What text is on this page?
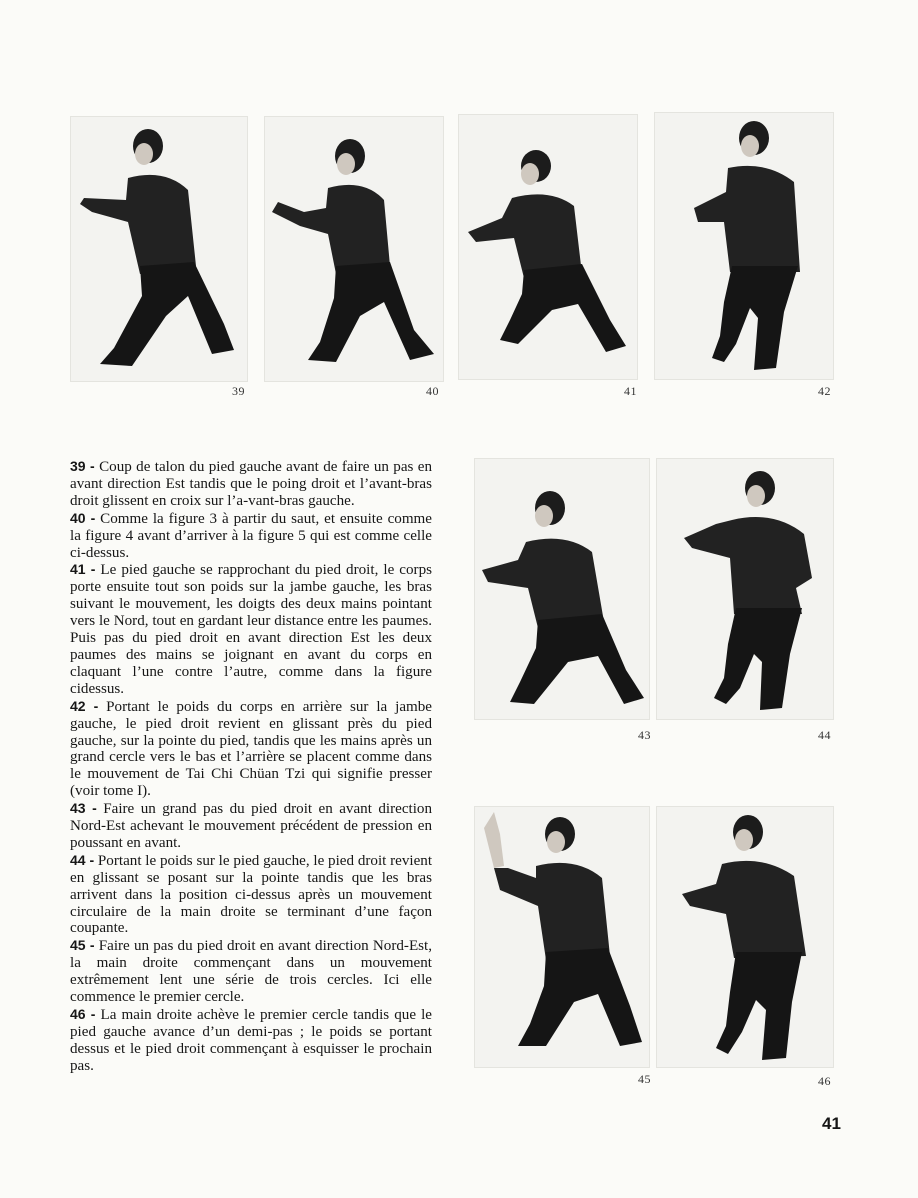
39	40	41	42
43	44
45	46

39 - Coup de talon du pied gauche avant de faire un pas en avant direction Est tandis que le poing droit et l’avant-bras droit glissent en croix sur l’a-vant-bras gauche.

40 - Comme la figure 3 à partir du saut, et ensuite comme la figure 4 avant d’arriver à la figure 5 qui est comme celle ci-dessus.

41 - Le pied gauche se rapprochant du pied droit, le corps porte ensuite tout son poids sur la jambe gauche, les bras suivant le mouvement, les doigts des deux mains pointant vers le Nord, tout en gardant leur distance entre les paumes. Puis pas du pied droit en avant direction Est les deux paumes des mains se joignant en avant du corps en claquant l’une contre l’autre, comme dans la figure cidessus.

42 - Portant le poids du corps en arrière sur la jambe gauche, le pied droit revient en glissant près du pied gauche, sur la pointe du pied, tandis que les mains après un grand cercle vers le bas et l’arrière se placent comme dans le mouvement de Tai Chi Chüan Tzi qui signifie presser (voir tome I).

43 - Faire un grand pas du pied droit en avant direction Nord-Est achevant le mouvement précédent de pression en poussant en avant.

44 - Portant le poids sur le pied gauche, le pied droit revient en glissant se posant sur la pointe tandis que les bras arrivent dans la position ci-dessus après un mouvement circulaire de la main droite se terminant d’une façon coupante.

45 - Faire un pas du pied droit en avant direction Nord-Est, la main droite commençant dans un mouvement extrêmement lent une série de trois cercles. Ici elle commence le premier cercle.

46 - La main droite achève le premier cercle tandis que le pied gauche avance d’un demi-pas ; le poids se portant dessus et le pied droit commençant à esquisser le prochain pas.

41
